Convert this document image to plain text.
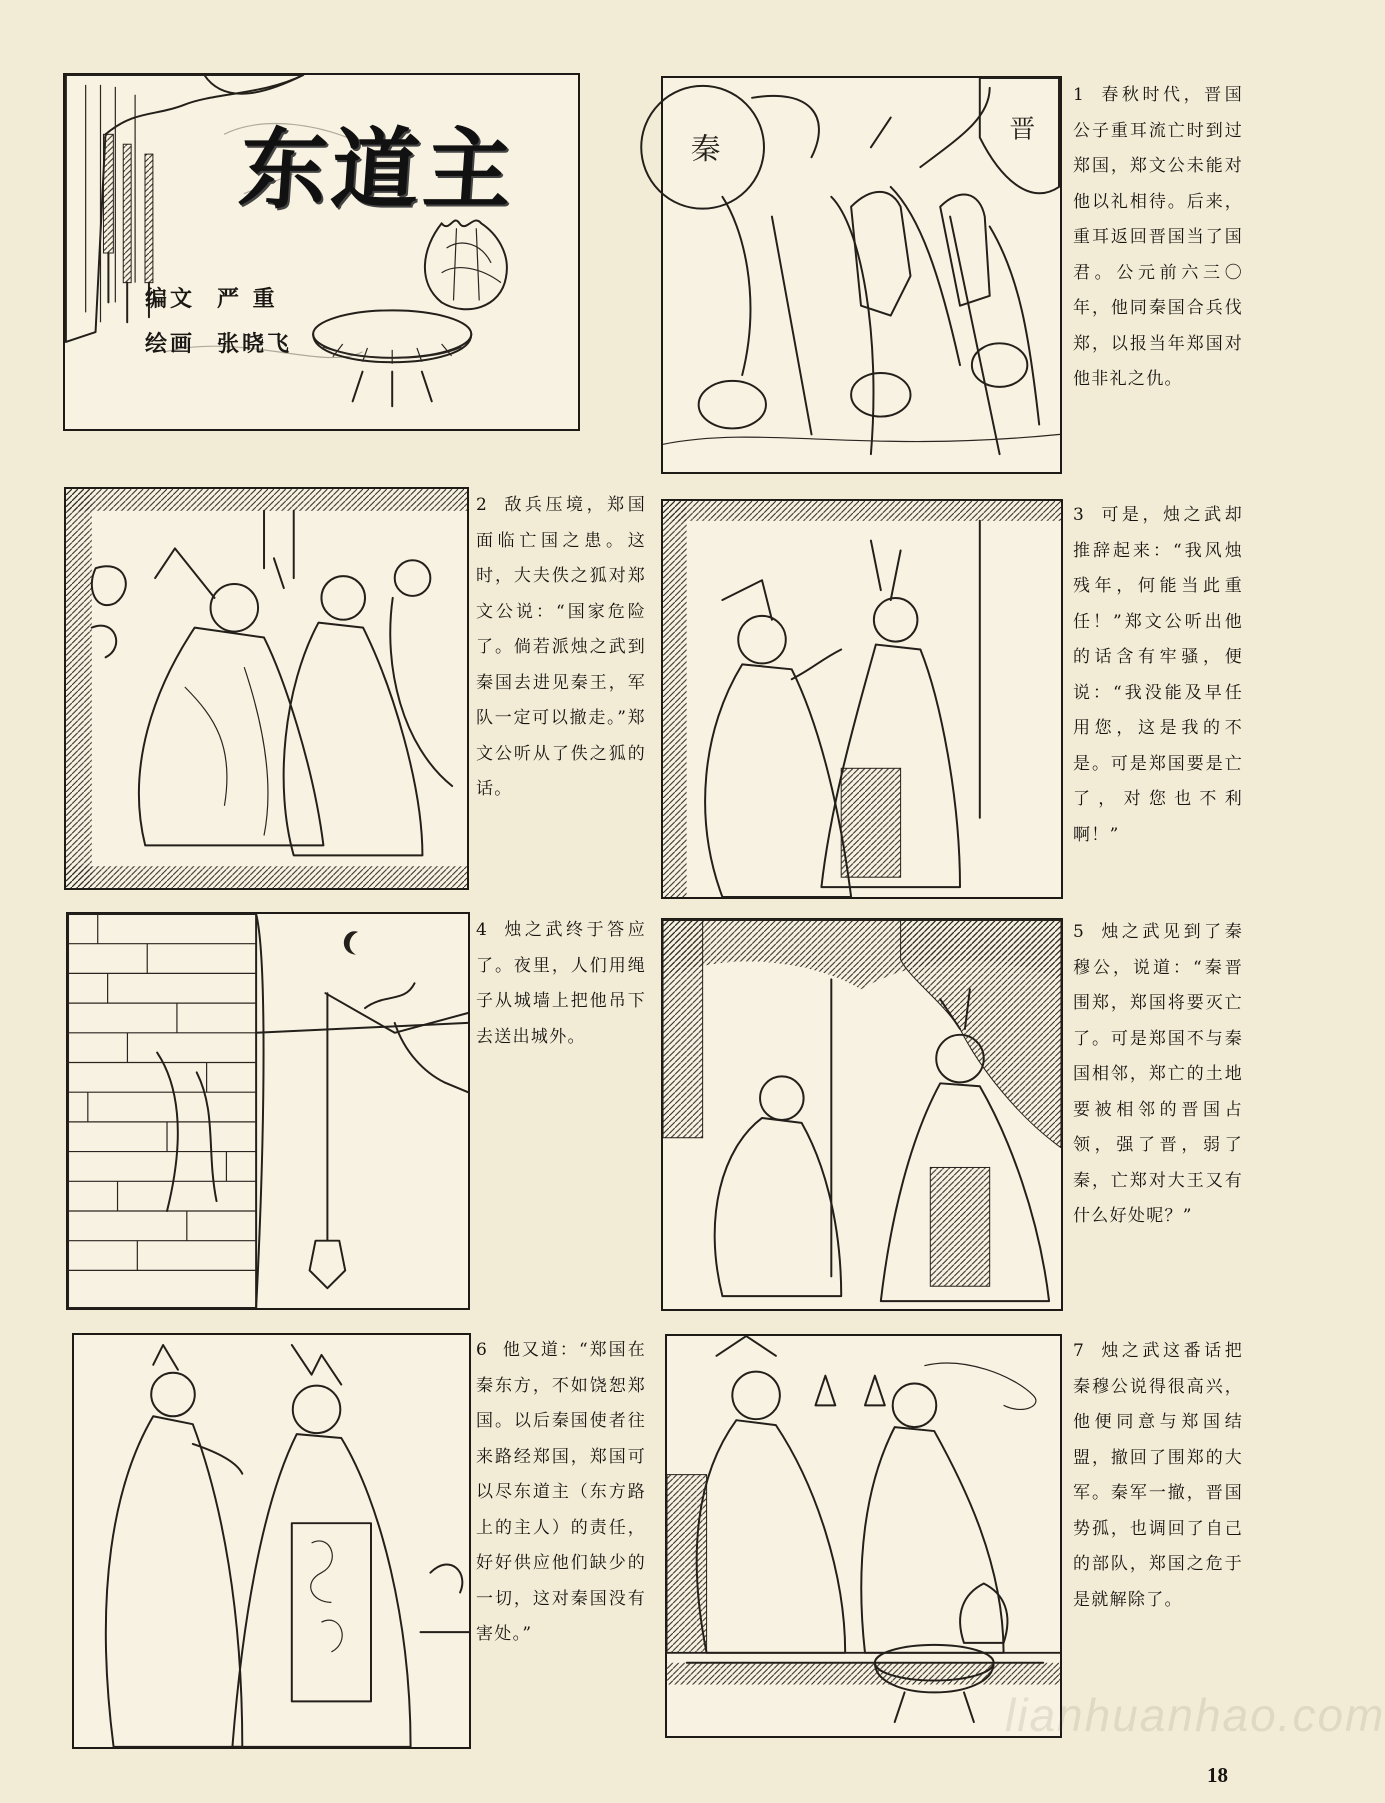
东道主
编文 严 重
绘画 张晓飞
秦
晋
1 春秋时代，晋国公子重耳流亡时到过郑国，郑文公未能对他以礼相待。后来，重耳返回晋国当了国君。公元前六三〇年，他同秦国合兵伐郑，以报当年郑国对他非礼之仇。
2 敌兵压境，郑国面临亡国之患。这时，大夫佚之狐对郑文公说：“国家危险了。倘若派烛之武到秦国去进见秦王，军队一定可以撤走。”郑文公听从了佚之狐的话。
3 可是，烛之武却推辞起来：“我风烛残年，何能当此重任！”郑文公听出他的话含有牢骚，便说：“我没能及早任用您，这是我的不是。可是郑国要是亡了，对您也不利啊！”
4 烛之武终于答应了。夜里，人们用绳子从城墙上把他吊下去送出城外。
5 烛之武见到了秦穆公，说道：“秦晋围郑，郑国将要灭亡了。可是郑国不与秦国相邻，郑亡的土地要被相邻的晋国占领，强了晋，弱了秦，亡郑对大王又有什么好处呢？”
6 他又道：“郑国在秦东方，不如饶恕郑国。以后秦国使者往来路经郑国，郑国可以尽东道主（东方路上的主人）的责任，好好供应他们缺少的一切，这对秦国没有害处。”
7 烛之武这番话把秦穆公说得很高兴，他便同意与郑国结盟，撤回了围郑的大军。秦军一撤，晋国势孤，也调回了自己的部队，郑国之危于是就解除了。
lianhuanhao.com
18
